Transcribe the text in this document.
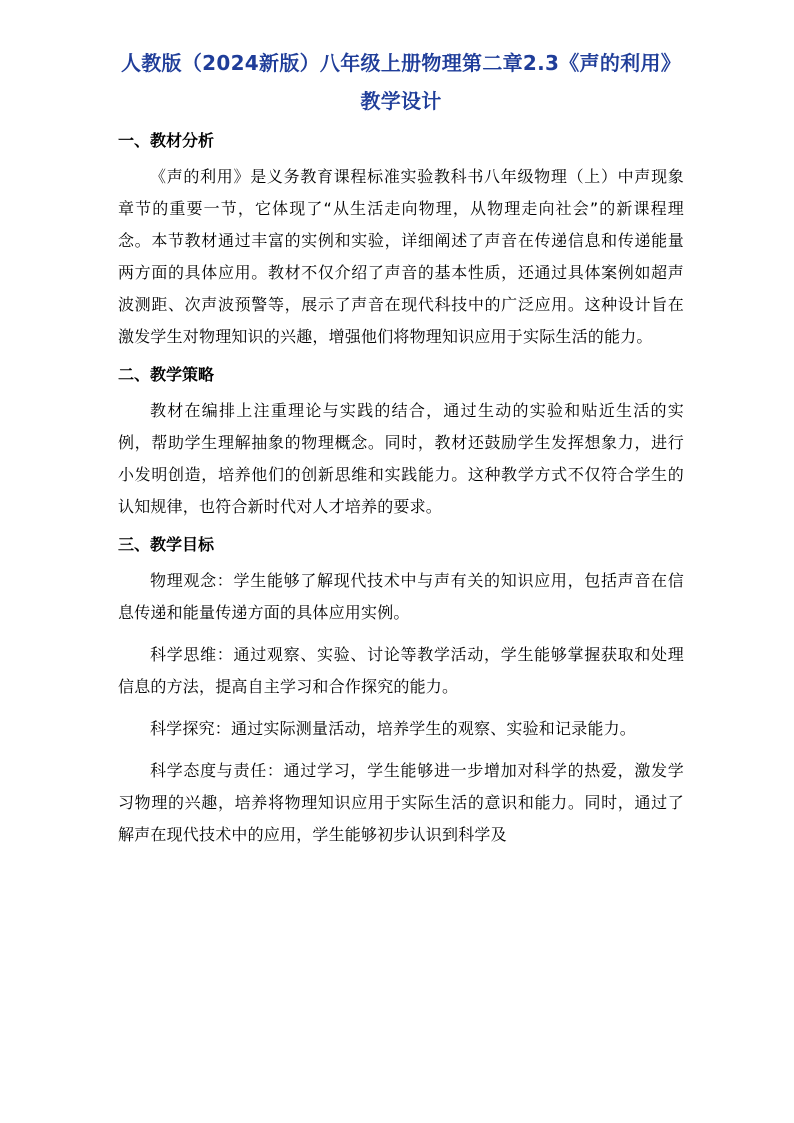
人教版（2024新版）八年级上册物理第二章2.3《声的利用》教学设计
一、教材分析

《声的利用》是义务教育课程标准实验教科书八年级物理（上）中声现象章节的重要一节，它体现了“从生活走向物理，从物理走向社会”的新课程理念。本节教材通过丰富的实例和实验，详细阐述了声音在传递信息和传递能量两方面的具体应用。教材不仅介绍了声音的基本性质，还通过具体案例如超声波测距、次声波预警等，展示了声音在现代科技中的广泛应用。这种设计旨在激发学生对物理知识的兴趣，增强他们将物理知识应用于实际生活的能力。

二、教学策略

教材在编排上注重理论与实践的结合，通过生动的实验和贴近生活的实例，帮助学生理解抽象的物理概念。同时，教材还鼓励学生发挥想象力，进行小发明创造，培养他们的创新思维和实践能力。这种教学方式不仅符合学生的认知规律，也符合新时代对人才培养的要求。

三、教学目标

物理观念：学生能够了解现代技术中与声有关的知识应用，包括声音在信息传递和能量传递方面的具体应用实例。

科学思维：通过观察、实验、讨论等教学活动，学生能够掌握获取和处理信息的方法，提高自主学习和合作探究的能力。

科学探究：通过实际测量活动，培养学生的观察、实验和记录能力。

科学态度与责任：通过学习，学生能够进一步增加对科学的热爱，激发学习物理的兴趣，培养将物理知识应用于实际生活的意识和能力。同时，通过了解声在现代技术中的应用，学生能够初步认识到科学及
